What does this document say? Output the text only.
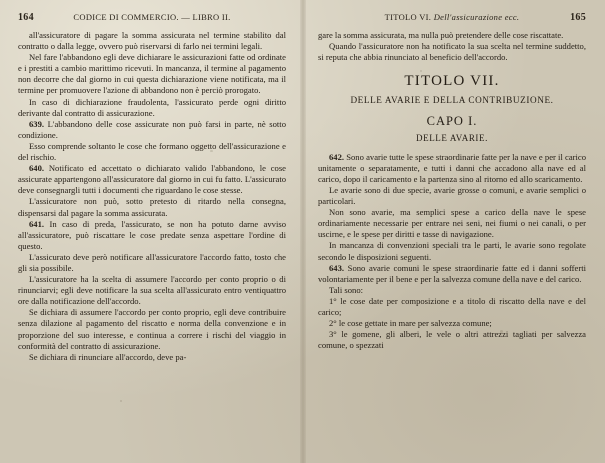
164	CODICE DI COMMERCIO. — LIBRO II.

all'assicuratore di pagare la somma assicurata nel termine stabilito dal contratto o dalla legge, ovvero può riservarsi di farlo nei termini legali.

Nel fare l'abbandono egli deve dichiarare le assicurazioni fatte od ordinate e i prestiti a cambio marittimo ricevuti. In mancanza, il termine al pagamento non decorre che dal giorno in cui questa dichiarazione viene notificata, ma il termine per promuovere l'azione di abbandono non è perciò prorogato.

In caso di dichiarazione fraudolenta, l'assicurato perde ogni diritto derivante dal contratto di assicurazione.

639. L'abbandono delle cose assicurate non può farsi in parte, nè sotto condizione.

Esso comprende soltanto le cose che formano oggetto dell'assicurazione e del rischio.

640. Notificato ed accettato o dichiarato valido l'abbandono, le cose assicurate appartengono all'assicuratore dal giorno in cui fu fatto. L'assicurato deve consegnargli tutti i documenti che riguardano le cose stesse.

L'assicuratore non può, sotto pretesto di ritardo nella consegna, dispensarsi dal pagare la somma assicurata.

641. In caso di preda, l'assicurato, se non ha potuto darne avviso all'assicuratore, può riscattare le cose predate senza aspettare l'ordine di questo.

L'assicurato deve però notificare all'assicuratore l'accordo fatto, tosto che gli sia possibile.

L'assicuratore ha la scelta di assumere l'accordo per conto proprio o di rinunciarvi; egli deve notificare la sua scelta all'assicurato entro ventiquattro ore dalla notificazione dell'accordo.

Se dichiara di assumere l'accordo per conto proprio, egli deve contribuire senza dilazione al pagamento del riscatto e norma della convenzione e in proporzione del suo interesse, e continua a correre i rischi del viaggio in conformità del contratto di assicurazione.

Se dichiara di rinunciare all'accordo, deve pa-

TITOLO VI. Dell'assicurazione ecc.	165

gare la somma assicurata, ma nulla può pretendere delle cose riscattate.

Quando l'assicuratore non ha notificato la sua scelta nel termine suddetto, si reputa che abbia rinunciato al beneficio dell'accordo.

TITOLO VII.
DELLE AVARIE E DELLA CONTRIBUZIONE.
CAPO I.
DELLE AVARIE.

642. Sono avarie tutte le spese straordinarie fatte per la nave e per il carico unitamente o separatamente, e tutti i danni che accadono alla nave ed al carico, dopo il caricamento e la partenza sino al ritorno ed allo scaricamento.

Le avarie sono di due specie, avarie grosse o comuni, e avarie semplici o particolari.

Non sono avarie, ma semplici spese a carico della nave le spese ordinariamente necessarie per entrare nei seni, nei fiumi o nei canali, o per uscirne, e le spese per diritti e tasse di navigazione.

In mancanza di convenzioni speciali tra le parti, le avarie sono regolate secondo le disposizioni seguenti.

643. Sono avarie comuni le spese straordinarie fatte ed i danni sofferti volontariamente per il bene e per la salvezza comune della nave e del carico.

Tali sono:

1° le cose date per composizione e a titolo di riscatto della nave e del carico;

2° le cose gettate in mare per salvezza comune;

3° le gomene, gli alberi, le vele o altri attrezzi tagliati per salvezza comune, o spezzati
